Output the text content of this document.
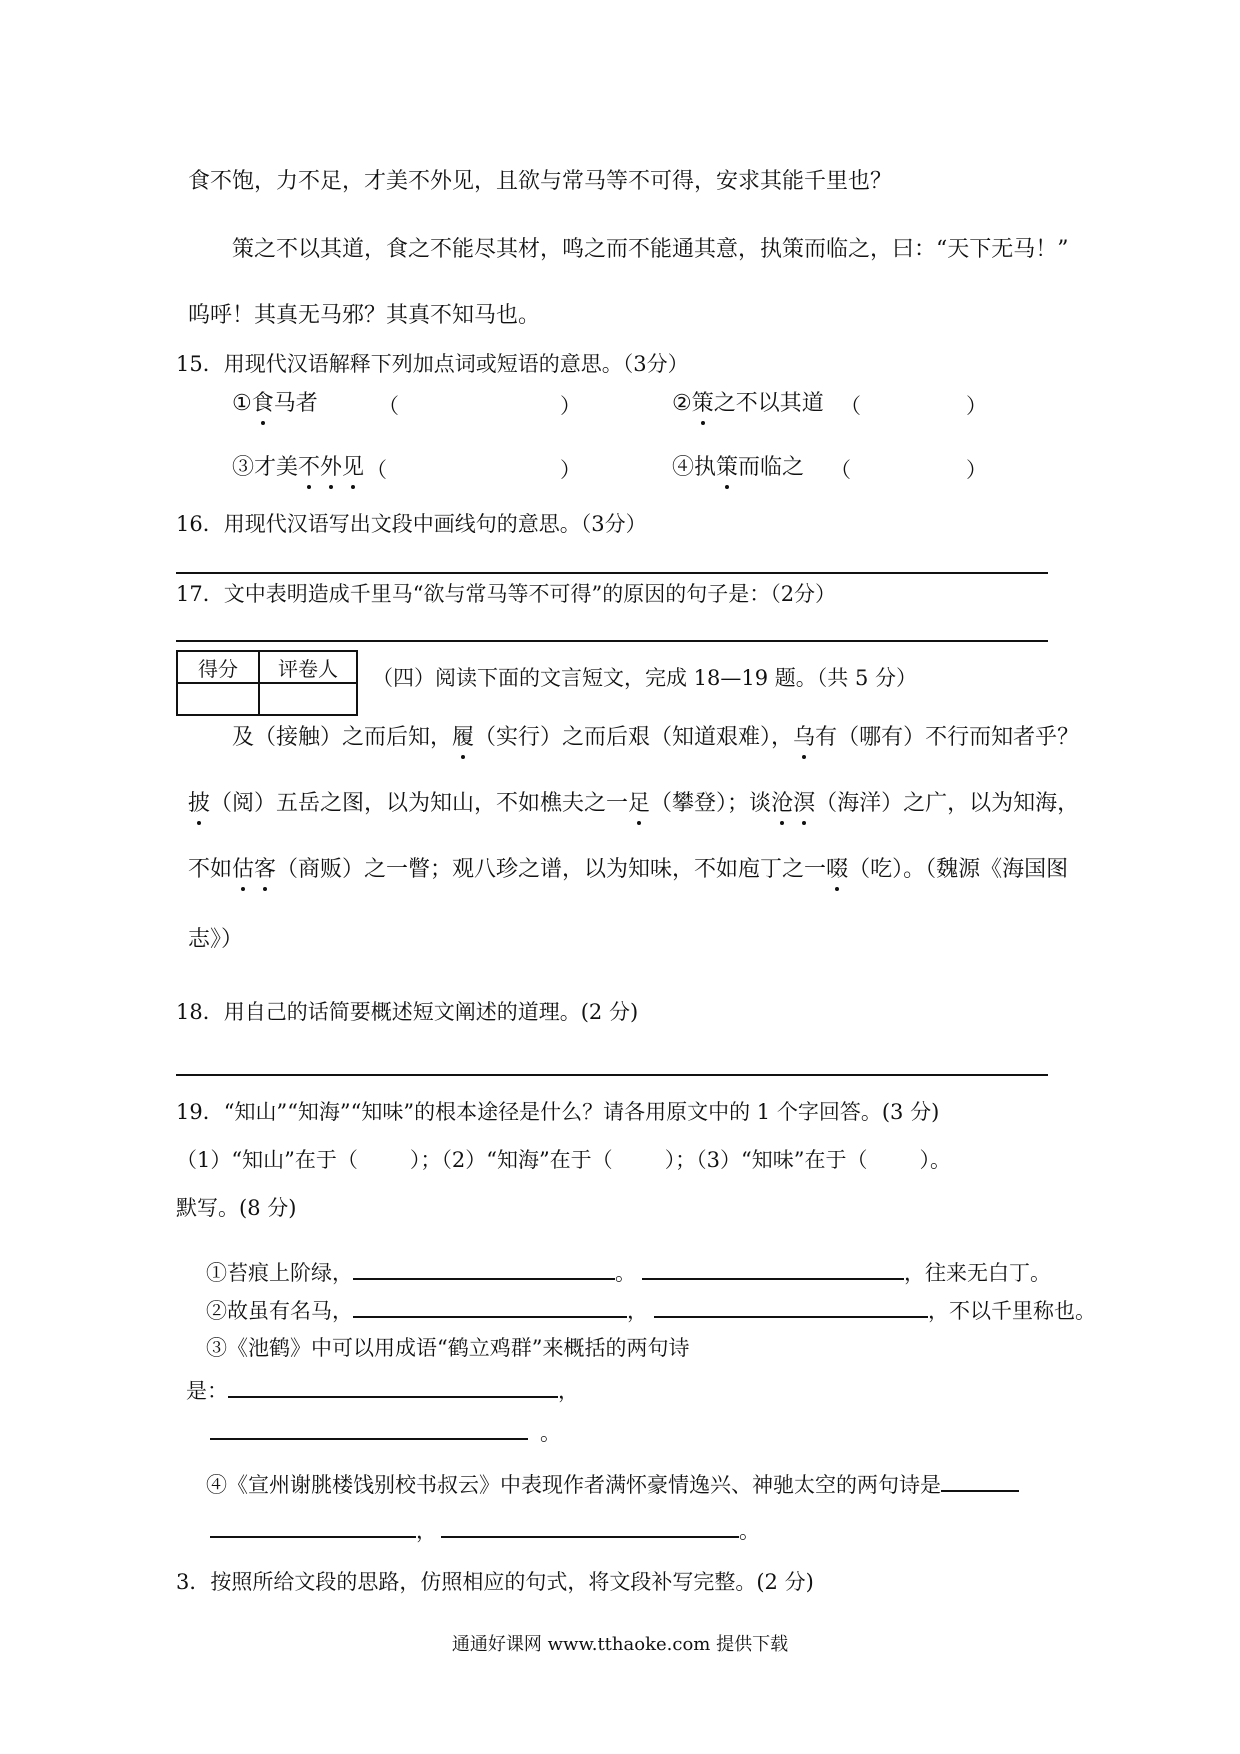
食不饱，力不足，才美不外见，且欲与常马等不可得，安求其能千里也？
策之不以其道，食之不能尽其材，鸣之而不能通其意，执策而临之，曰：“天下无马！”
呜呼！其真无马邪？其真不知马也。
15．用现代汉语解释下列加点词或短语的意思。（3分）
①食马者	（	）	②策之不以其道 （	）
③才美不外见 （	）	④执策而临之 （	）
16．用现代汉语写出文段中画线句的意思。（3分）
17．文中表明造成千里马“欲与常马等不可得”的原因的句子是：（2分）
得分	评卷人
	（四）阅读下面的文言短文，完成 18—19 题。（共 5 分）
及（接触）之而后知，履（实行）之而后艰（知道艰难），乌有（哪有）不行而知者乎？
披（阅）五岳之图，以为知山，不如樵夫之一足（攀登）；谈沧溟（海洋）之广，以为知海，
不如估客（商贩）之一瞥；观八珍之谱，以为知味，不如庖丁之一啜（吃）。（魏源《海国图
志》）
18．用自己的话简要概述短文阐述的道理。(2 分)
19．“知山”“知海”“知味”的根本途径是什么？请各用原文中的 1 个字回答。(3 分)
（1）“知山”在于（ ）；（2）“知海”在于（ ）；（3）“知味”在于（ ）。
默写。(8 分)
①苔痕上阶绿，	。	，往来无白丁。
②故虽有名马，	，	，不以千里称也。
③《池鹤》中可以用成语“鹤立鸡群”来概括的两句诗
是：	，
。
④《宣州谢朓楼饯别校书叔云》中表现作者满怀豪情逸兴、神驰太空的两句诗是
，	。
3．按照所给文段的思路，仿照相应的句式，将文段补写完整。(2 分)
通通好课网 www.tthaoke.com 提供下载
